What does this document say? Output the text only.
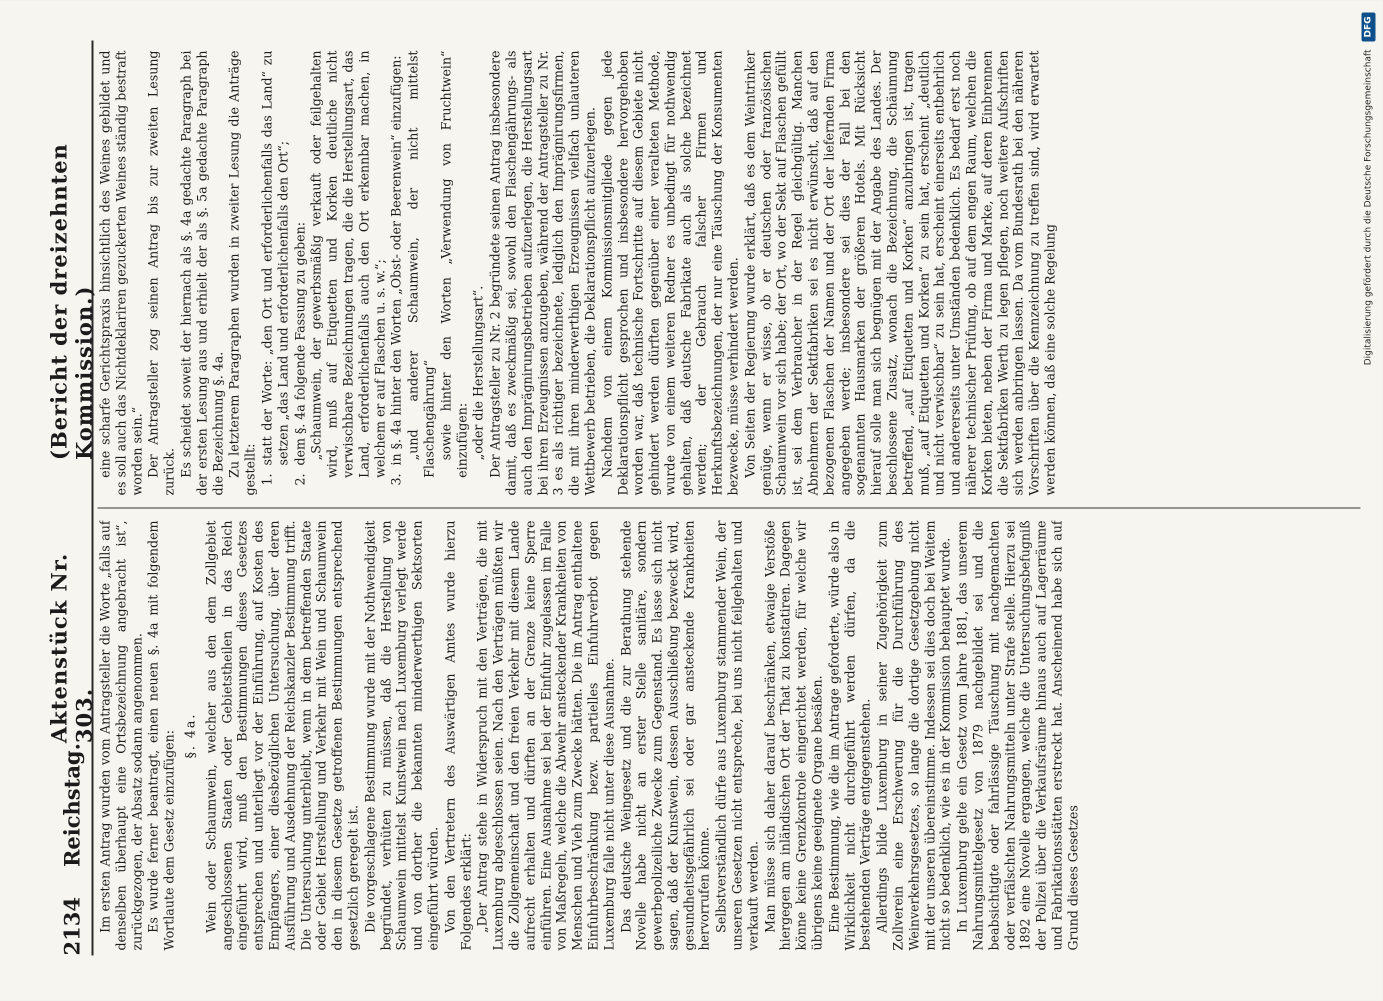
2134
Reichstag.
Aktenstück Nr. 303.
(Bericht der dreizehnten Kommission.)

Im ersten Antrag wurden vom Antragsteller die Worte „falls auf denselben überhaupt eine Ortsbezeichnung angebracht ist“, zurückgezogen, der Absatz sodann angenommen. Es wurde ferner beantragt, einen neuen §. 4a mit folgendem Wortlaute dem Gesetz einzufügen: §. 4a. Wein oder Schaumwein, welcher aus den dem Zollgebiet angeschlossenen Staaten oder Gebietstheilen in das Reich eingeführt wird, muß den Bestimmungen dieses Gesetzes entsprechen und unterliegt vor der Einführung, auf Kosten des Empfängers, einer diesbezüglichen Untersuchung, über deren Ausführung und Ausdehnung der Reichskanzler Bestimmung trifft. Die Untersuchung unterbleibt, wenn in dem betreffenden Staate oder Gebiet Herstellung und Verkehr mit Wein und Schaumwein den in diesem Gesetze getroffenen Bestimmungen entsprechend gesetzlich geregelt ist. Die vorgeschlagene Bestimmung wurde mit der Nothwendigkeit begründet, verhüten zu müssen, daß die Herstellung von Schaumwein mittelst Kunstwein nach Luxemburg verlegt werde und von dorther die bekannten minderwerthigen Sektsorten eingeführt würden. Von den Vertretern des Auswärtigen Amtes wurde hierzu Folgendes erklärt: „Der Antrag stehe in Widerspruch mit den Verträgen, die mit Luxemburg abgeschlossen seien. Nach den Verträgen müßten wir die Zollgemeinschaft und den freien Verkehr mit diesem Lande aufrecht erhalten und dürften an der Grenze keine Sperre einführen. Eine Ausnahme sei bei der Einfuhr zugelassen im Falle von Maßregeln, welche die Abwehr ansteckender Krankheiten von Menschen und Vieh zum Zwecke hätten. Die im Antrag enthaltene Einfuhrbeschränkung bezw. partielles Einfuhrverbot gegen Luxemburg falle nicht unter diese Ausnahme. Das deutsche Weingesetz und die zur Berathung stehende Novelle habe nicht an erster Stelle sanitäre, sondern gewerbepolizeiliche Zwecke zum Gegenstand. Es lasse sich nicht sagen, daß der Kunstwein, dessen Ausschließung bezweckt wird, gesundheitsgefährlich sei oder gar ansteckende Krankheiten hervorrufen könne. Selbstverständlich dürfe aus Luxemburg stammender Wein, der unseren Gesetzen nicht entspreche, bei uns nicht feilgehalten und verkauft werden. Man müsse sich daher darauf beschränken, etwaige Verstöße hiergegen am inländischen Ort der That zu konstatiren. Dagegen könne keine Grenzkontrole eingerichtet werden, für welche wir übrigens keine geeignete Organe besäßen. Eine Bestimmung, wie die im Antrage geforderte, würde also in Wirklichkeit nicht durchgeführt werden dürfen, da die bestehenden Verträge entgegenstehen. Allerdings bilde Luxemburg in seiner Zugehörigkeit zum Zollverein eine Erschwerung für die Durchführung des Weinverkehrsgesetzes, so lange die dortige Gesetzgebung nicht mit der unseren übereinstimme. Indessen sei dies doch bei Weitem nicht so bedenklich, wie es in der Kommission behauptet wurde. In Luxemburg gelte ein Gesetz vom Jahre 1881, das unserem Nahrungsmittelgesetz von 1879 nachgebildet sei und die beabsichtigte oder fahrlässige Täuschung mit nachgemachten oder verfälschten Nahrungsmitteln unter Strafe stelle. Hierzu sei 1892 eine Novelle ergangen, welche die Untersuchungsbefugniß der Polizei über die Verkaufsräume hinaus auch auf Lagerräume und Fabrikationsstätten erstreckt hat. Anscheinend habe sich auf Grund dieses Gesetzes

eine scharfe Gerichtspraxis hinsichtlich des Weines gebildet und es soll auch das Nichtdeklariren gezuckerten Weines ständig bestraft worden sein.“ Der Antragsteller zog seinen Antrag bis zur zweiten Lesung zurück. Es scheidet soweit der hiernach als §. 4a gedachte Paragraph bei der ersten Lesung aus und erhielt der als §. 5a gedachte Paragraph die Bezeichnung §. 4a. Zu letzterem Paragraphen wurden in zweiter Lesung die Anträge gestellt: 1.
statt der Worte: „den Ort und erforderlichenfalls das Land“ zu setzen „das Land und erforderlichenfalls den Ort“;
2.
dem §. 4a folgende Fassung zu geben: „Schaumwein, der gewerbsmäßig verkauft oder feilgehalten wird, muß auf Etiquetten und Korken deutliche nicht verwischbare Bezeichnungen tragen, die die Herstellungsart, das Land, erforderlichenfalls auch den Ort erkennbar machen, in welchem er auf Flaschen u. s. w.“;

3.
in §. 4a hinter den Worten „Obst- oder Beerenwein“ einzufügen: „und anderer Schaumwein, der nicht mittelst Flaschengährung“ sowie hinter den Worten „Verwendung von Fruchtwein“ einzufügen: „oder die Herstellungsart“. Der Antragsteller zu Nr. 2 begründete seinen Antrag insbesondere damit, daß es zweckmäßig sei, sowohl den Flaschengährungs- als auch den Imprägnirungsbetrieben aufzuerlegen, die Herstellungsart bei ihren Erzeugnissen anzugeben, während der Antragsteller zu Nr. 3 es als richtiger bezeichnete, lediglich den Imprägnirungsfirmen, die mit ihren minderwerthigen Erzeugnissen vielfach unlauteren Wettbewerb betrieben, die Deklarationspflicht aufzuerlegen. Nachdem von einem Kommissionsmitgliede gegen jede Deklarationspflicht gesprochen und insbesondere hervorgehoben worden war, daß technische Fortschritte auf diesem Gebiete nicht gehindert werden dürften gegenüber einer veralteten Methode, wurde von einem weiteren Redner es unbedingt für nothwendig gehalten, daß deutsche Fabrikate auch als solche bezeichnet werden; der Gebrauch falscher Firmen und Herkunftsbezeichnungen, der nur eine Täuschung der Konsumenten bezwecke, müsse verhindert werden. Von Seiten der Regierung wurde erklärt, daß es dem Weintrinker genüge, wenn er wisse, ob er deutschen oder französischen Schaumwein vor sich habe; der Ort, wo der Sekt auf Flaschen gefüllt ist, sei dem Verbraucher in der Regel gleichgültig. Manchen Abnehmern der Sektfabriken sei es nicht erwünscht, daß auf den bezogenen Flaschen der Namen und der Ort der liefernden Firma angegeben werde; insbesondere sei dies der Fall bei den sogenannten Hausmarken der größeren Hotels. Mit Rücksicht hierauf solle man sich begnügen mit der Angabe des Landes. Der beschlossene Zusatz, wonach die Bezeichnung, die Schäumung betreffend, „auf Etiquetten und Korken“ anzubringen ist, tragen muß, „auf Etiquetten und Korken“ zu sein hat, erscheint „deutlich und nicht verwischbar“ zu sein hat, erscheint einerseits entbehrlich und andererseits unter Umständen bedenklich. Es bedarf erst noch näherer technischer Prüfung, ob auf dem engen Raum, welchen die Korken bieten, neben der Firma und Marke, auf deren Einbrennen die Sektfabriken Werth zu legen pflegen, noch weitere Aufschriften sich werden anbringen lassen. Da vom Bundesrath bei den näheren Vorschriften über die Kennzeichnung zu treffen sind, wird erwartet werden können, daß eine solche Regelung	Digitalisierung gefördert durch die Deutsche Forschungsgemeinschaft
DFG
